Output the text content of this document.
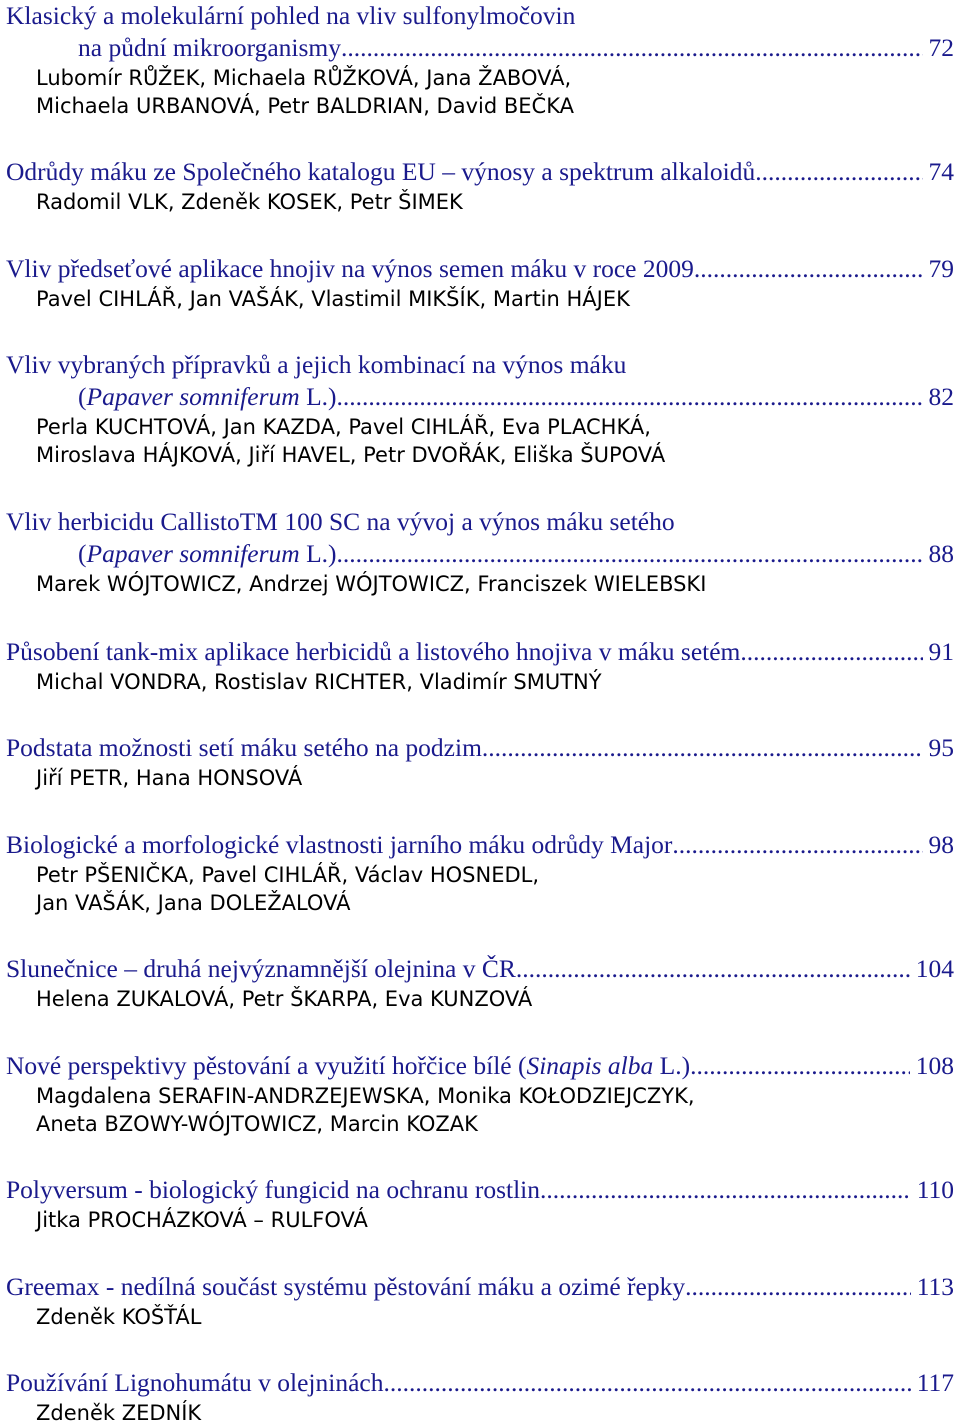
Klasický a molekulární pohled na vliv sulfonylmočovin
na půdní mikroorganismy .....	72
Lubomír RŮŽEK, Michaela RŮŽKOVÁ, Jana ŽABOVÁ,
Michaela URBANOVÁ, Petr BALDRIAN, David BEČKA
Odrůdy máku ze Společného katalogu EU – výnosy a spektrum alkaloidů .....	74
Radomil VLK, Zdeněk KOSEK, Petr ŠIMEK
Vliv předseťové aplikace hnojiv na výnos semen máku v roce 2009 .....	79
Pavel CIHLÁŘ, Jan VAŠÁK, Vlastimil MIKŠÍK, Martin HÁJEK
Vliv vybraných přípravků a jejich kombinací na výnos máku
(Papaver somniferum L.) .....	82
Perla KUCHTOVÁ, Jan KAZDA, Pavel CIHLÁŘ, Eva PLACHKÁ,
Miroslava HÁJKOVÁ, Jiří HAVEL, Petr DVOŘÁK, Eliška ŠUPOVÁ
Vliv herbicidu CallistoTM 100 SC na vývoj a výnos máku setého
(Papaver somniferum L.) .....	88
Marek WÓJTOWICZ, Andrzej WÓJTOWICZ, Franciszek WIELEBSKI
Působení tank-mix aplikace herbicidů a listového hnojiva v máku setém .....	91
Michal VONDRA, Rostislav RICHTER, Vladimír SMUTNÝ
Podstata možnosti setí máku setého na podzim .....	95
Jiří PETR, Hana HONSOVÁ
Biologické a morfologické vlastnosti jarního máku odrůdy Major .....	98
Petr PŠENIČKA, Pavel CIHLÁŘ, Václav HOSNEDL,
Jan VAŠÁK, Jana DOLEŽALOVÁ
Slunečnice – druhá nejvýznamnější olejnina v ČR .....	104
Helena ZUKALOVÁ, Petr ŠKARPA, Eva KUNZOVÁ
Nové perspektivy pěstování a využití hořčice bílé (Sinapis alba L.) .....	108
Magdalena SERAFIN-ANDRZEJEWSKA, Monika KOŁODZIEJCZYK,
Aneta BZOWY-WÓJTOWICZ, Marcin KOZAK
Polyversum - biologický fungicid na ochranu rostlin .....	110
Jitka PROCHÁZKOVÁ – RULFOVÁ
Greemax - nedílná součást systému pěstování máku a ozimé řepky .....	113
Zdeněk KOŠŤÁL
Používání Lignohumátu v olejninách .....	117
Zdeněk ZEDNÍK
